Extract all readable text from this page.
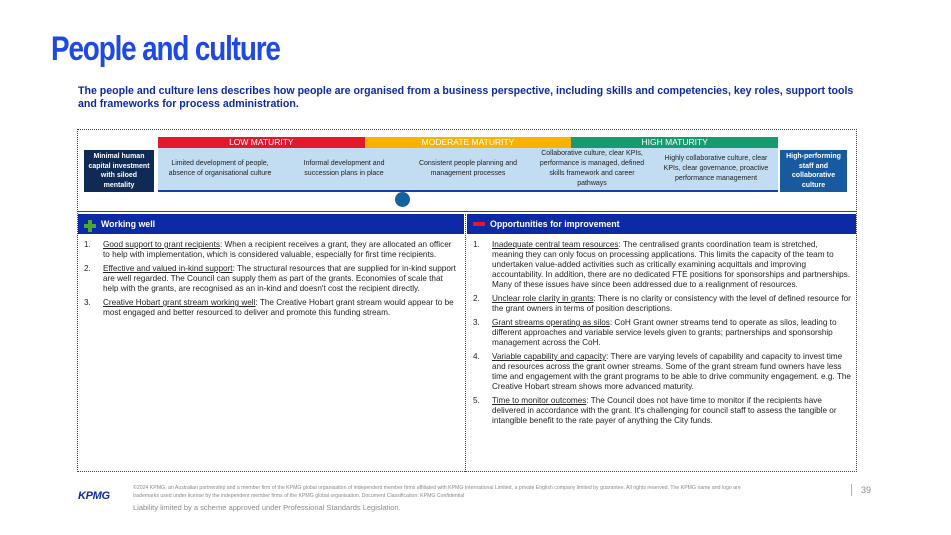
People and culture
The people and culture lens describes how people are organised from a business perspective, including skills and competencies, key roles, support tools and frameworks for process administration.
Minimal human capital investment with siloed mentality
LOW MATURITY	MODERATE MATURITY	HIGH MATURITY
Limited development of people, absence of organisational culture
Informal development and succession plans in place
Consistent people planning and management processes
Collaborative culture, clear KPIs, performance is managed, defined skills framework and career pathways
Highly collaborative culture, clear KPIs, clear governance, proactive performance management
High-performing staff and collaborative culture
Working well	Opportunities for improvement
1.	Good support to grant recipients: When a recipient receives a grant, they are allocated an officer to help with implementation, which is considered valuable, especially for first time recipients.
2.	Effective and valued in-kind support: The structural resources that are supplied for in-kind support are well regarded. The Council can supply them as part of the grants. Economies of scale that help with the grants, are recognised as an in-kind and doesn't cost the recipient directly.
3.	Creative Hobart grant stream working well: The Creative Hobart grant stream would appear to be most engaged and better resourced to deliver and promote this funding stream.
1.	Inadequate central team resources: The centralised grants coordination team is stretched, meaning they can only focus on processing applications. This limits the capacity of the team to undertaken value-added activities such as critically examining acquittals and improving accountability. In addition, there are no dedicated FTE positions for sponsorships and partnerships. Many of these issues have since been addressed due to a realignment of resources.
2.	Unclear role clarity in grants: There is no clarity or consistency with the level of defined resource for the grant owners in terms of position descriptions.
3.	Grant streams operating as silos: CoH Grant owner streams tend to operate as silos, leading to different approaches and variable service levels given to grants; partnerships and sponsorship management across the CoH.
4.	Variable capability and capacity: There are varying levels of capability and capacity to invest time and resources across the grant owner streams. Some of the grant stream fund owners have less time and engagement with the grant programs to be able to drive community engagement. e.g. The Creative Hobart stream shows more advanced maturity.
5.	Time to monitor outcomes: The Council does not have time to monitor if the recipients have delivered in accordance with the grant. It's challenging for council staff to assess the tangible or intangible benefit to the rate payer of anything the City funds.
KPMG
©2024 KPMG, an Australian partnership and a member firm of the KPMG global organisation of independent member firms affiliated with KPMG International Limited, a private English company limited by guarantee. All rights reserved. The KPMG name and logo are trademarks used under license by the independent member firms of the KPMG global organisation. Document Classification: KPMG Confidential
Liability limited by a scheme approved under Professional Standards Legislation.
39
